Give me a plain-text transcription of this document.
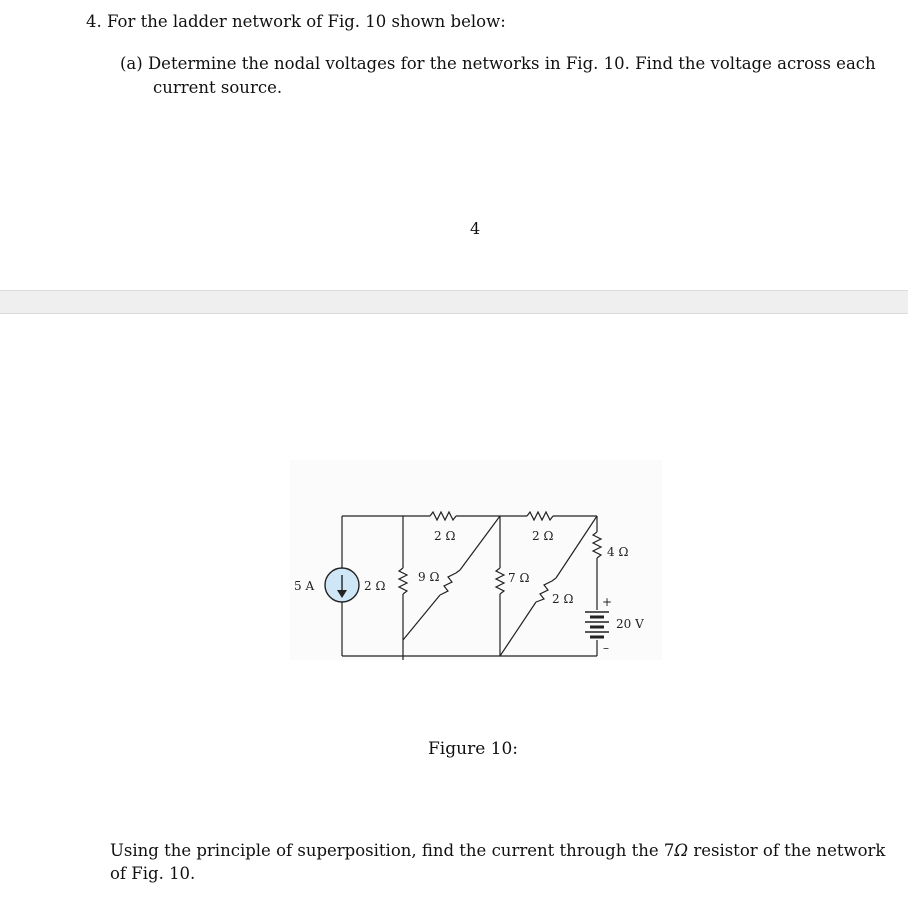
4. For the ladder network of Fig. 10 shown below:
(a) Determine the nodal voltages for the networks in Fig. 10. Find the voltage across each
current source.
4
5 A	2 Ω
2 Ω
9 Ω
2 Ω
7 Ω
2 Ω
4 Ω
20 V
+
–
Figure 10:
Using the principle of superposition, find the current through the 7Ω resistor of the network
of Fig. 10.
